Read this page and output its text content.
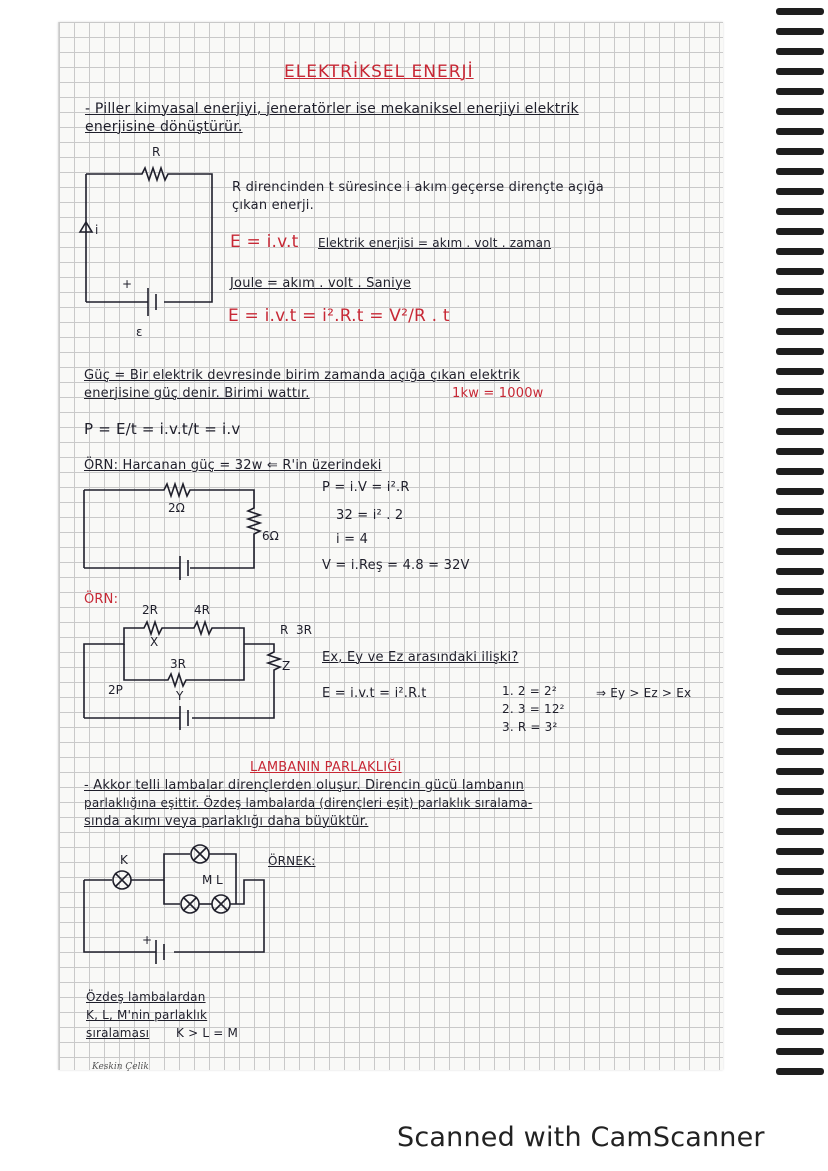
ELEKTRİKSEL ENERJİ
- Piller kimyasal enerjiyi, jeneratörler ise mekaniksel enerjiyi elektrik
enerjisine dönüştürür.
R
i
+
ε
R direncinden t süresince i akım geçerse dirençte açığa
çıkan enerji.
E = i.v.t Elektrik enerjisi = akım . volt . zaman
Joule = akım . volt . Saniye
E = i.v.t = i².R.t = V²/R . t
Güç = Bir elektrik devresinde birim zamanda açığa çıkan elektrik
enerjisine güç denir. Birimi wattır.	1kw = 1000w
P = E/t = i.v.t/t = i.v
ÖRN: Harcanan güç = 32w ⇐ R'in üzerindeki
2Ω
6Ω
P = i.V = i².R
32 = i² . 2
i = 4
V = i.Reş = 4.8 = 32V
ÖRN:
2R	4R
X
3R
Y
R 3R
Z
2P
Ex, Ey ve Ez arasındaki ilişki?
E = i.v.t = i².R.t	1. 2 = 2²
2. 3 = 12²
3. R = 3²
⇒ Ey > Ez > Ex
LAMBANIN PARLAKLIĞI
- Akkor telli lambalar dirençlerden oluşur. Direncin gücü lambanın
parlaklığına eşittir. Özdeş lambalarda (dirençleri eşit) parlaklık sıralama-
sında akımı veya parlaklığı daha büyüktür.
ÖRNEK:
K
L
M
+
Özdeş lambalardan
K, L, M'nin parlaklık
sıralaması K > L = M
Keskin Çelik
Scanned with CamScanner
